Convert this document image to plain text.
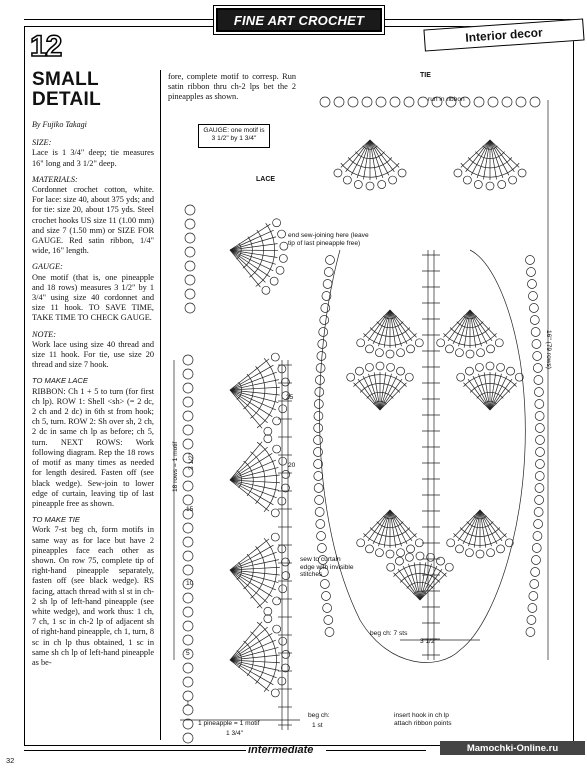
FINE ART CROCHET
Interior decor
12
SMALL
DETAIL
By Fujiko Takagi

SIZE:

Lace is 1 3/4" deep; tie measures 16" long and 3 1/2" deep.

MATERIALS:

Cordonnet crochet cotton, white. For lace: size 40, about 375 yds; and for tie: size 20, about 175 yds. Steel crochet hooks US size 11 (1.00 mm) and size 7 (1.50 mm) or SIZE FOR GAUGE. Red satin ribbon, 1/4" wide, 16" length.

GAUGE:

One motif (that is, one pineapple and 18 rows) measures 3 1/2" by 1 3/4" using size 40 cordonnet and size 11 hook. TO SAVE TIME, TAKE TIME TO CHECK GAUGE.

NOTE:

Work lace using size 40 thread and size 11 hook. For tie, use size 20 thread and size 7 hook.

TO MAKE LACE

RIBBON: Ch 1 + 5 to turn (for first ch lp). ROW 1: Shell <sh> (= 2 dc, 2 ch and 2 dc) in 6th st from hook; ch 5, turn. ROW 2: Sh over sh, 2 ch, 2 dc in same ch lp as before; ch 5, turn. NEXT ROWS: Work following diagram. Rep the 18 rows of motif as many times as needed for length desired. Fasten off (see black wedge). Sew-join to lower edge of curtain, leaving tip of last pineapple free as shown.

TO MAKE TIE

Work 7-st beg ch, form motifs in same way as for lace but have 2 pineapples face each other as shown. On row 75, complete tip of right-hand pineapple separately, fasten off (see black wedge). RS facing, attach thread with sl st in ch-2 sh lp of left-hand pineapple (see white wedge), and work thus: 1 ch, 7 ch, 1 sc in ch-2 lp of adjacent sh of right-hand pineapple, ch 1, turn, 8 sc in ch lp thus obtained, 1 sc in same sh ch lp of left-hand pineapple as be-

fore, complete motif to corresp. Run satin ribbon thru ch-2 lps bet the 2 pineapples as shown.
GAUGE: one motif is 3 1/2" by 1 3/4"
TIE
LACE
run in ribbon
end sew-joining here (leave tip of last pineapple free)
16" (79 rows)
18 rows = 1 motif 3 1/2"
sew to curtain edge with invisible stitches
beg ch: 7 sts
3 1/2"
1 pineapple = 1 motif
1 3/4"
beg ch:
1 st
insert hook in ch lp attach ribbon points
25
20
15
10
5
1
intermediate
32
Mamochki-Online.ru
